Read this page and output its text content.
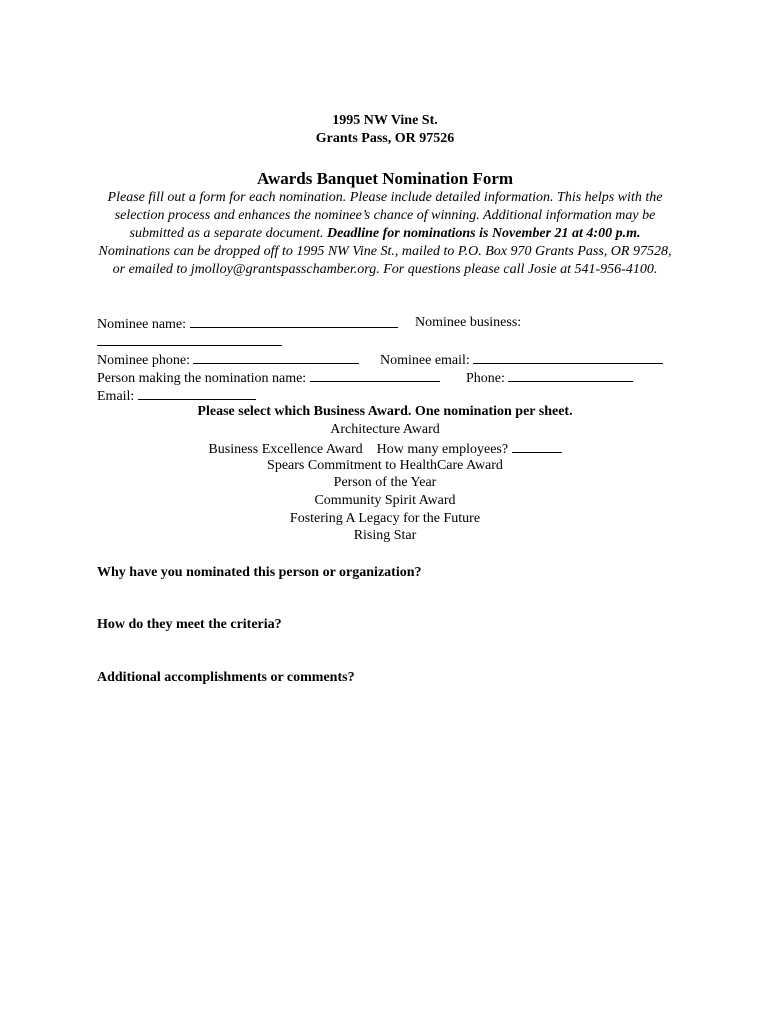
1995 NW Vine St.
Grants Pass, OR 97526
Awards Banquet Nomination Form
Please fill out a form for each nomination. Please include detailed information. This helps with the selection process and enhances the nominee’s chance of winning. Additional information may be submitted as a separate document. Deadline for nominations is November 21 at 4:00 p.m. Nominations can be dropped off to 1995 NW Vine St., mailed to P.O. Box 970 Grants Pass, OR 97528, or emailed to jmolloy@grantspasschamber.org. For questions please call Josie at 541-956-4100.
Nominee name:	Nominee business:
Nominee phone:	Nominee email:
Person making the nomination name:	Phone:
Email:
Please select which Business Award. One nomination per sheet.
Architecture Award
Business Excellence Award How many employees?
Spears Commitment to HealthCare Award
Person of the Year
Community Spirit Award
Fostering A Legacy for the Future
Rising Star
Why have you nominated this person or organization?
How do they meet the criteria?
Additional accomplishments or comments?
